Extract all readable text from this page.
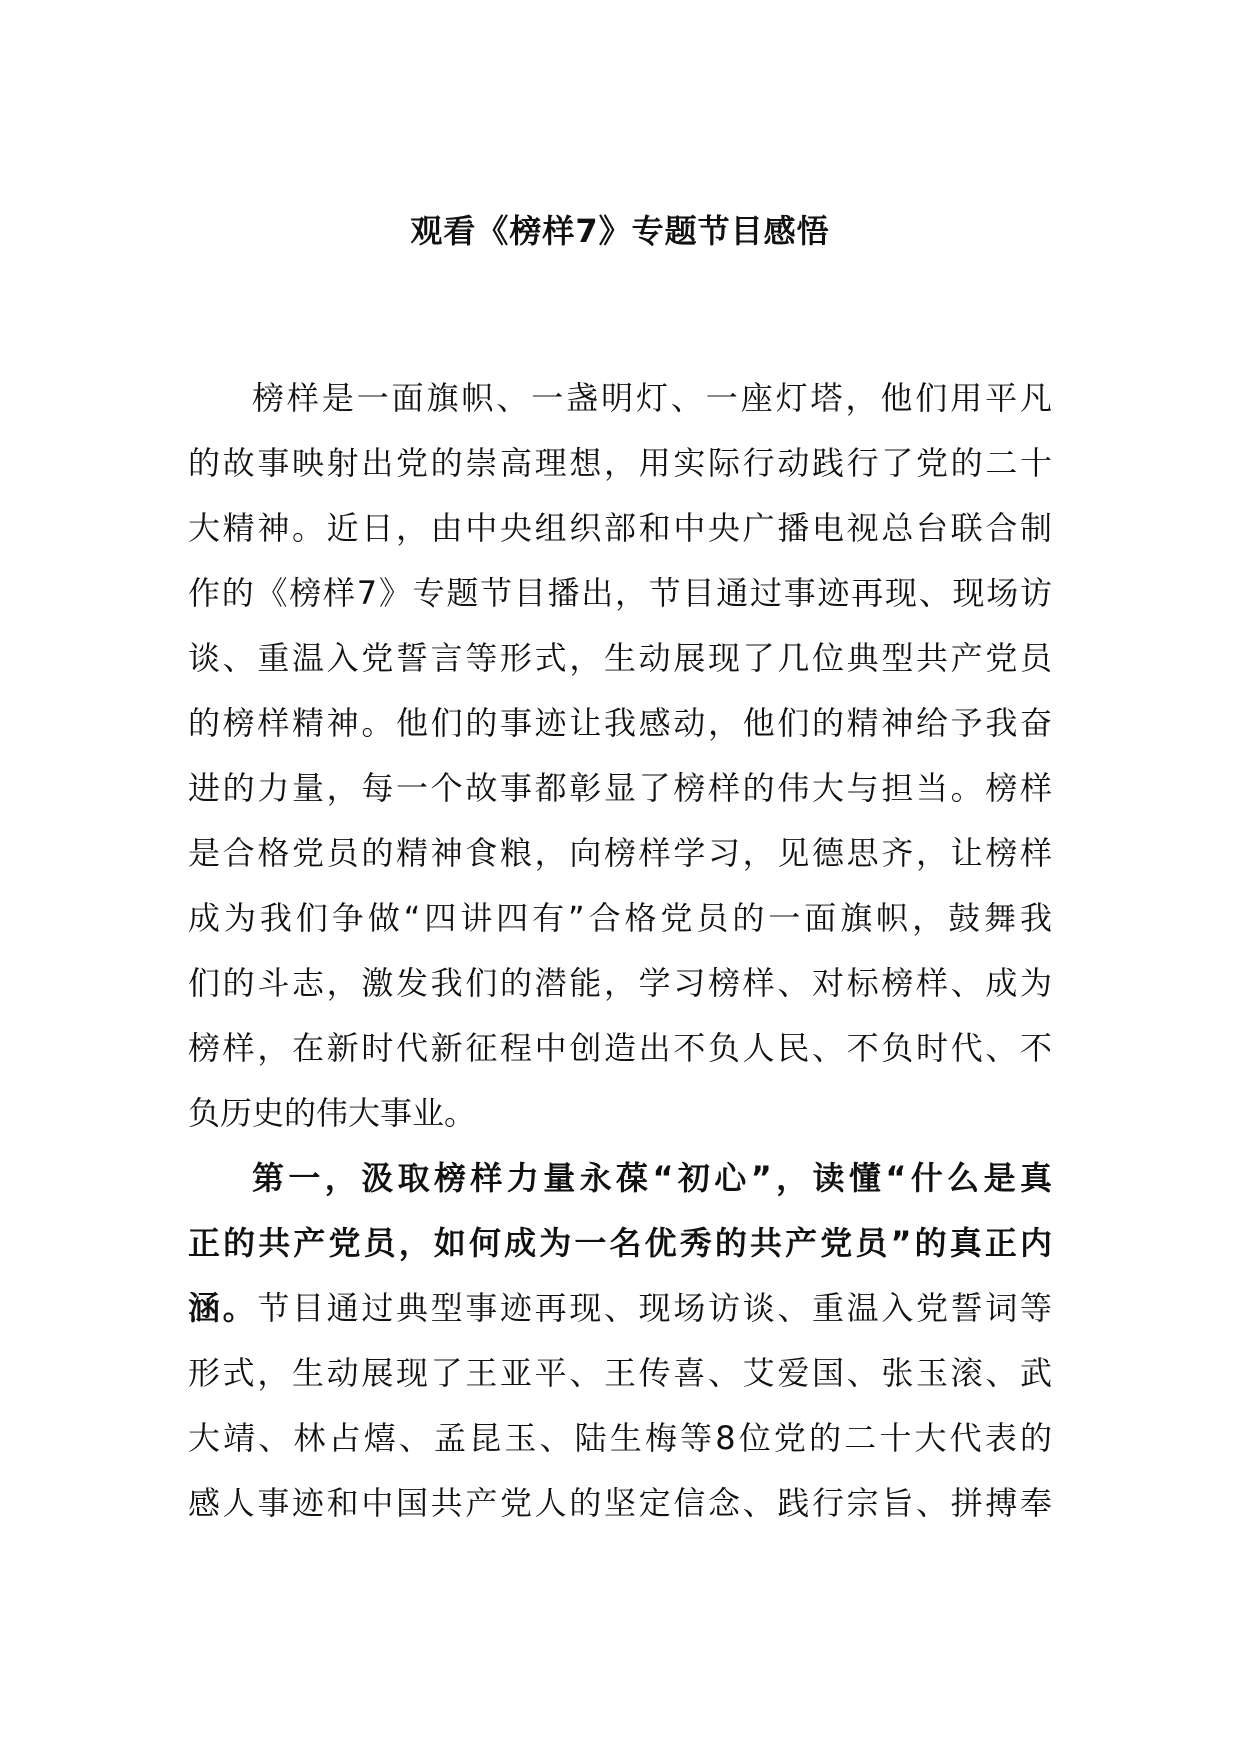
观看《榜样7》专题节目感悟
榜样是一面旗帜、一盏明灯、一座灯塔，他们用平凡
的故事映射出党的崇高理想，用实际行动践行了党的二十
大精神。近日，由中央组织部和中央广播电视总台联合制
作的《榜样7》专题节目播出，节目通过事迹再现、现场访
谈、重温入党誓言等形式，生动展现了几位典型共产党员
的榜样精神。他们的事迹让我感动，他们的精神给予我奋
进的力量，每一个故事都彰显了榜样的伟大与担当。榜样
是合格党员的精神食粮，向榜样学习，见德思齐，让榜样
成为我们争做“四讲四有”合格党员的一面旗帜，鼓舞我
们的斗志，激发我们的潜能，学习榜样、对标榜样、成为
榜样，在新时代新征程中创造出不负人民、不负时代、不
负历史的伟大事业。
第一，汲取榜样力量永葆“初心”，读懂“什么是真
正的共产党员，如何成为一名优秀的共产党员”的真正内
涵。节目通过典型事迹再现、现场访谈、重温入党誓词等
形式，生动展现了王亚平、王传喜、艾爱国、张玉滚、武
大靖、林占熺、孟昆玉、陆生梅等8位党的二十大代表的
感人事迹和中国共产党人的坚定信念、践行宗旨、拼搏奉
